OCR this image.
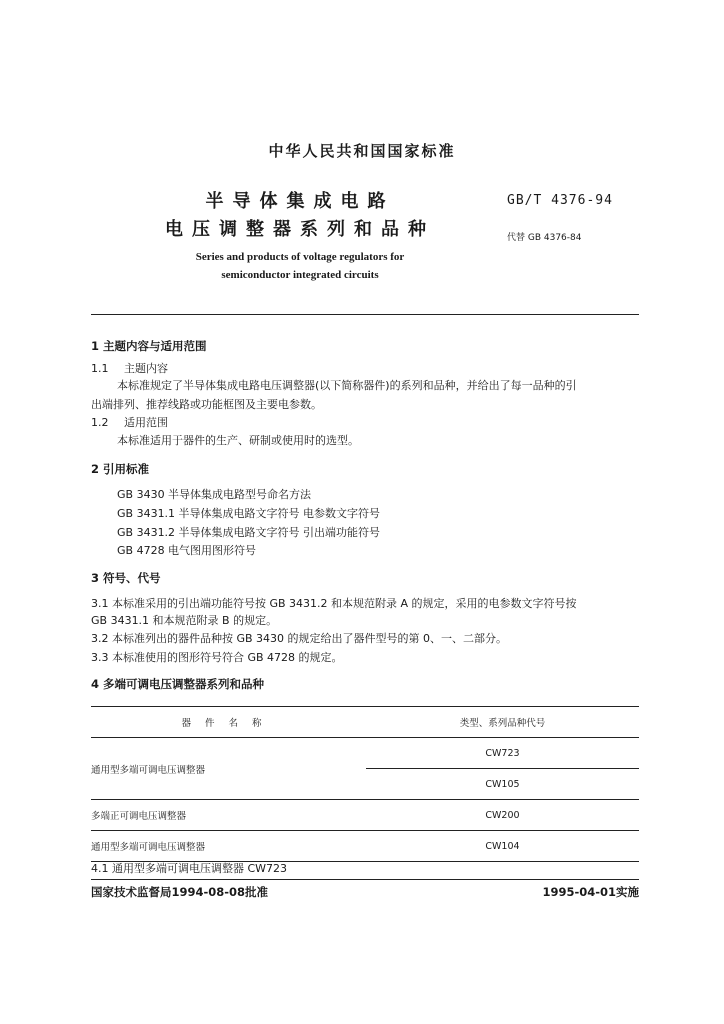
中华人民共和国国家标准
半导体集成电路
电压调整器系列和品种
GB/T 4376-94
代替 GB 4376-84
Series and products of voltage regulators for
semiconductor integrated circuits
1 主题内容与适用范围
1.1 主题内容
本标准规定了半导体集成电路电压调整器(以下简称器件)的系列和品种，并给出了每一品种的引
出端排列、推荐线路或功能框图及主要电参数。
1.2 适用范围
本标准适用于器件的生产、研制或使用时的选型。
2 引用标准
GB 3430 半导体集成电路型号命名方法
GB 3431.1 半导体集成电路文字符号 电参数文字符号
GB 3431.2 半导体集成电路文字符号 引出端功能符号
GB 4728 电气图用图形符号
3 符号、代号
3.1 本标准采用的引出端功能符号按 GB 3431.2 和本规范附录 A 的规定，采用的电参数文字符号按
GB 3431.1 和本规范附录 B 的规定。
3.2 本标准列出的器件品种按 GB 3430 的规定给出了器件型号的第 0、一、二部分。
3.3 本标准使用的图形符号符合 GB 4728 的规定。
4 多端可调电压调整器系列和品种
器件名称	类型、系列品种代号
通用型多端可调电压调整器	CW723
	CW105
多端正可调电压调整器	CW200
通用型多端可调电压调整器	CW104
4.1 通用型多端可调电压调整器 CW723
国家技术监督局1994-08-08批准	1995-04-01实施
